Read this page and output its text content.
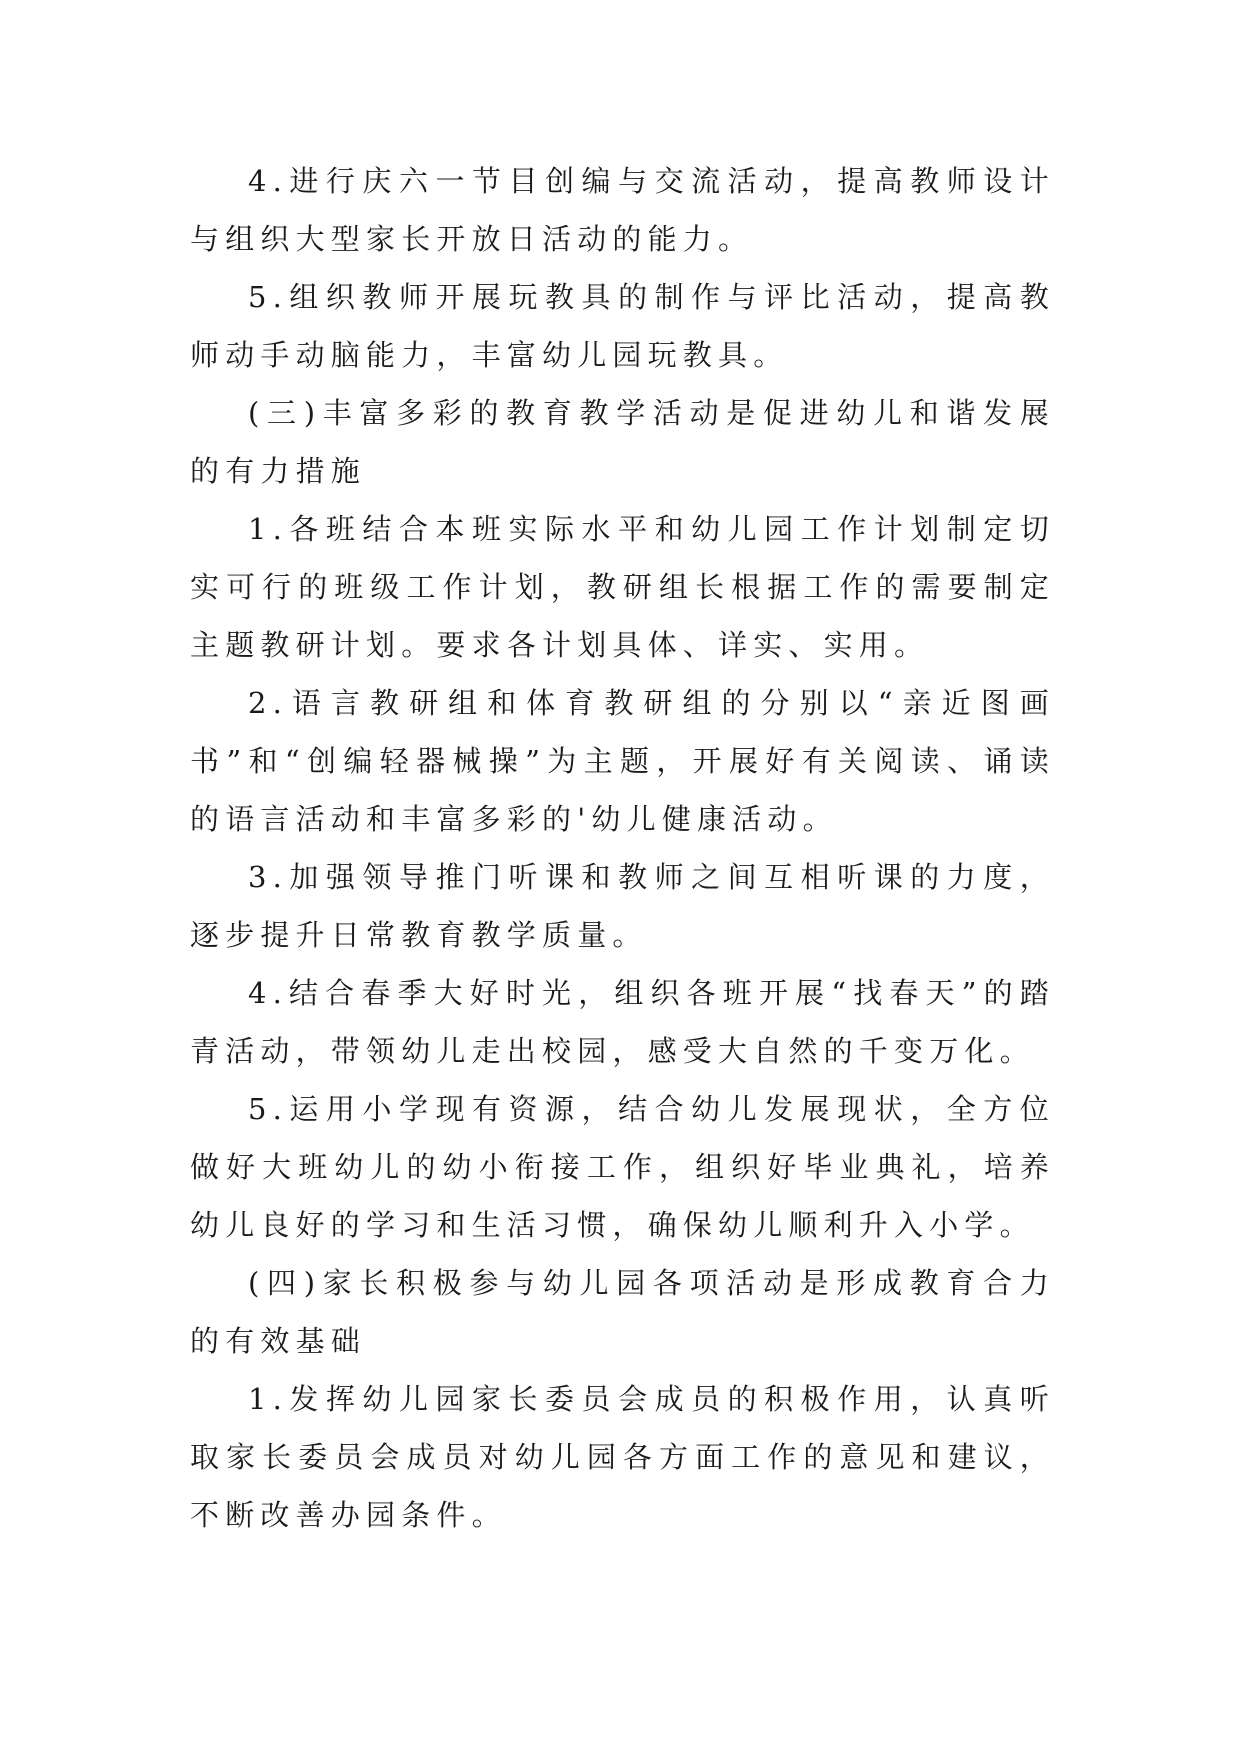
4.进行庆六一节目创编与交流活动，提高教师设计与组织大型家长开放日活动的能力。

5.组织教师开展玩教具的制作与评比活动，提高教师动手动脑能力，丰富幼儿园玩教具。

(三)丰富多彩的教育教学活动是促进幼儿和谐发展的有力措施

1.各班结合本班实际水平和幼儿园工作计划制定切实可行的班级工作计划，教研组长根据工作的需要制定主题教研计划。要求各计划具体、详实、实用。

2.语言教研组和体育教研组的分别以“亲近图画书”和“创编轻器械操”为主题，开展好有关阅读、诵读的语言活动和丰富多彩的'幼儿健康活动。

3.加强领导推门听课和教师之间互相听课的力度，逐步提升日常教育教学质量。

4.结合春季大好时光，组织各班开展“找春天”的踏青活动，带领幼儿走出校园，感受大自然的千变万化。

5.运用小学现有资源，结合幼儿发展现状，全方位做好大班幼儿的幼小衔接工作，组织好毕业典礼，培养幼儿良好的学习和生活习惯，确保幼儿顺利升入小学。

(四)家长积极参与幼儿园各项活动是形成教育合力的有效基础

1.发挥幼儿园家长委员会成员的积极作用，认真听取家长委员会成员对幼儿园各方面工作的意见和建议，不断改善办园条件。
